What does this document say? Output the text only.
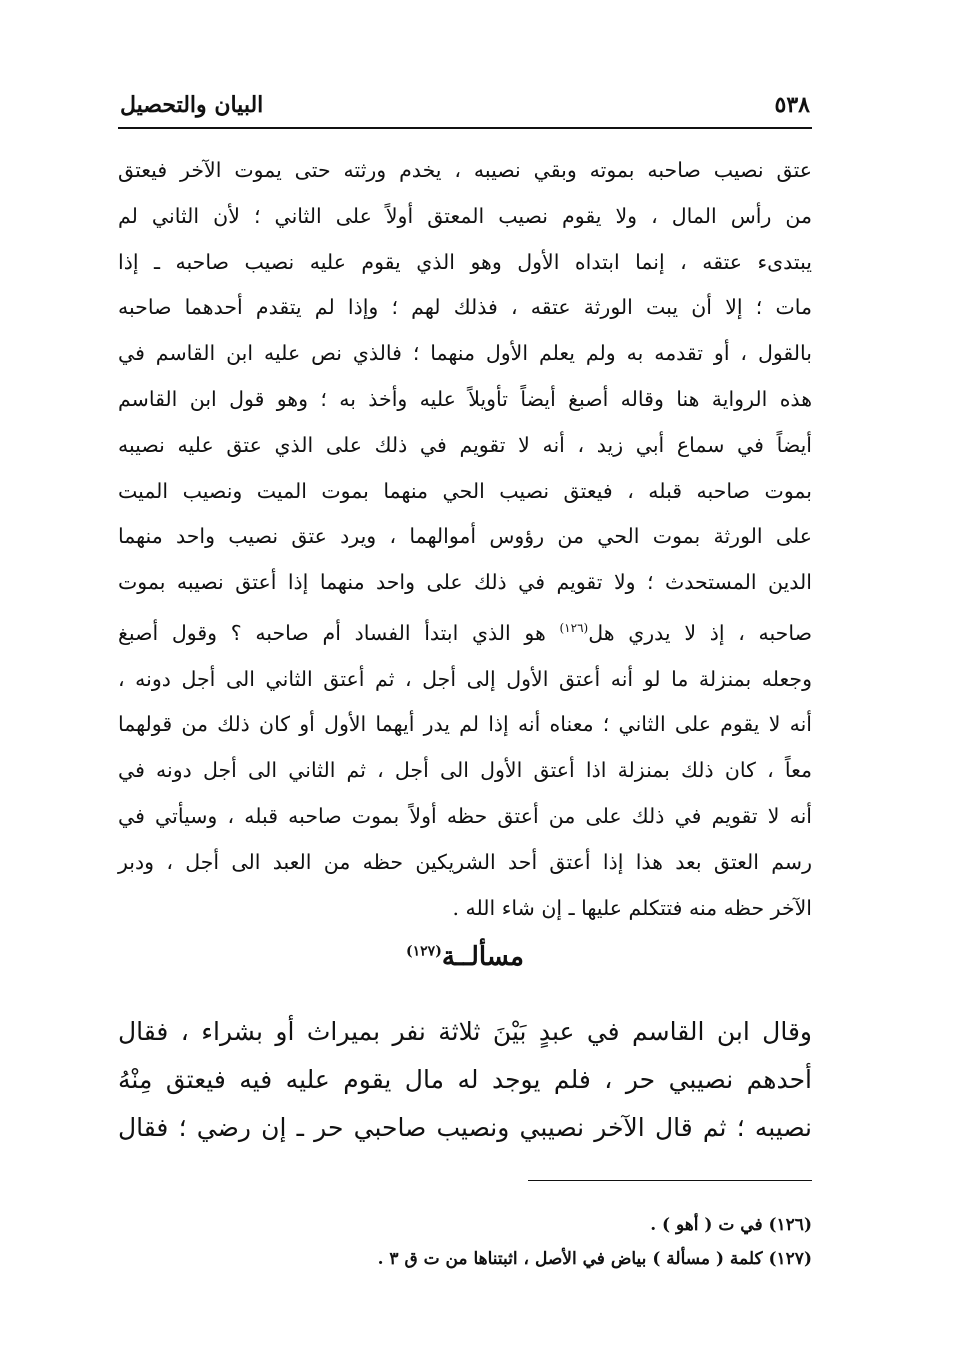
٥٣٨
البيان والتحصيل
عتق نصيب صاحبه بموته وبقي نصيبه ، يخدم ورثته حتى يموت الآخر فيعتق
من رأس المال ، ولا يقوم نصيب المعتق أولاً على الثاني ؛ لأن الثاني لم
يبتدىء عتقه ، إنما ابتداه الأول وهو الذي يقوم عليه نصيب صاحبه ـ إذا
مات ؛ إلا أن يبت الورثة عتقه ، فذلك لهم ؛ وإذا لم يتقدم أحدهما صاحبه
بالقول ، أو تقدمه به ولم يعلم الأول منهما ؛ فالذي نص عليه ابن القاسم في
هذه الرواية هنا وقاله أصبغ أيضاً تأويلاً عليه وأخذ به ؛ وهو قول ابن القاسم
أيضاً في سماع أبي زيد ، أنه لا تقويم في ذلك على الذي عتق عليه نصيبه
بموت صاحبه قبله ، فيعتق نصيب الحي منهما بموت الميت ونصيب الميت
على الورثة بموت الحي من رؤوس أموالهما ، ويرد عتق نصيب واحد منهما
الدين المستحدث ؛ ولا تقويم في ذلك على واحد منهما إذا أعتق نصيبه بموت
صاحبه ، إذ لا يدري هل$^{(١٢٦)}$ هو الذي ابتدأ الفساد أم صاحبه ؟ وقول أصبغ
وجعله بمنزلة ما لو أنه أعتق الأول إلى أجل ، ثم أعتق الثاني الى أجل دونه ،
أنه لا يقوم على الثاني ؛ معناه أنه إذا لم يدر أيهما الأول أو كان ذلك من قولهما
معاً ، كان ذلك بمنزلة اذا أعتق الأول الى أجل ، ثم الثاني الى أجل دونه في
أنه لا تقويم في ذلك على من أعتق حظه أولاً بموت صاحبه قبله ، وسيأتي في
رسم العتق بعد هذا إذا أعتق أحد الشريكين حظه من العبد الى أجل ، ودبر
الآخر حظه منه فتتكلم عليها ـ إن شاء الله .
مسألــة$^{(١٢٧)}$
وقال ابن القاسم في عبدٍ بَيْنَ ثلاثة نفر بميراث أو بشراء ، فقال
أحدهم نصيبي حر ، فلم يوجد له مال يقوم عليه فيه فيعتق مِنْهُ
نصيبه ؛ ثم قال الآخر نصيبي ونصيب صاحبي حر ـ إن رضي ؛ فقال
(١٢٦) في ت ( أهو ) .
(١٢٧) كلمة ( مسألة ) بياض في الأصل ، اثبتناها من ت ق ٣ .
